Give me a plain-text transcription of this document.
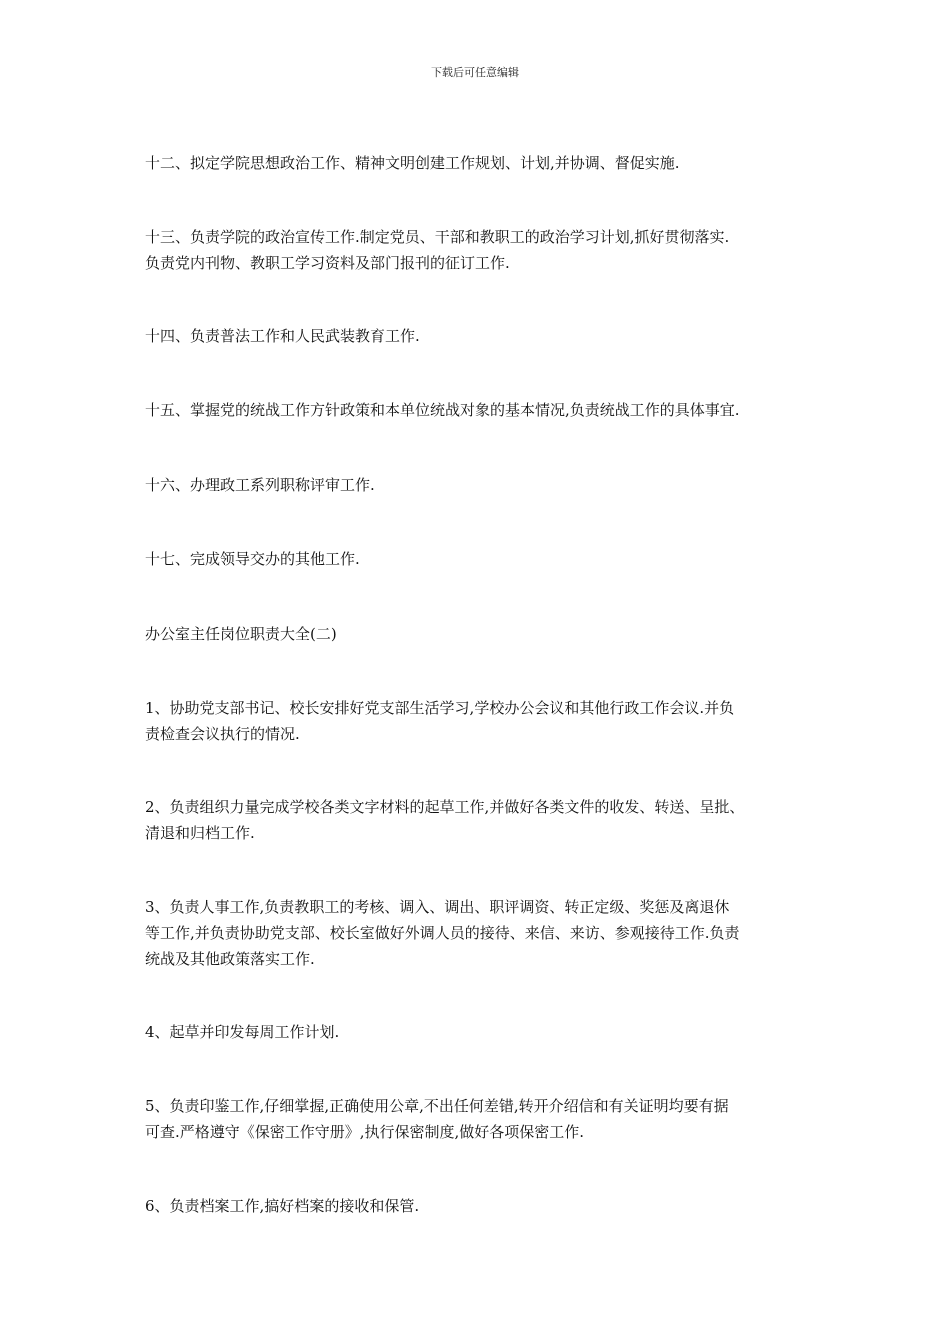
下载后可任意编辑

十二、拟定学院思想政治工作、精神文明创建工作规划、计划,并协调、督促实施.

十三、负责学院的政治宣传工作.制定党员、干部和教职工的政治学习计划,抓好贯彻落实.
负责党内刊物、教职工学习资料及部门报刊的征订工作.

十四、负责普法工作和人民武装教育工作.

十五、掌握党的统战工作方针政策和本单位统战对象的基本情况,负责统战工作的具体事宜.

十六、办理政工系列职称评审工作.

十七、完成领导交办的其他工作.

办公室主任岗位职责大全(二)

1、协助党支部书记、校长安排好党支部生活学习,学校办公会议和其他行政工作会议.并负
责检查会议执行的情况.

2、负责组织力量完成学校各类文字材料的起草工作,并做好各类文件的收发、转送、呈批、
清退和归档工作.

3、负责人事工作,负责教职工的考核、调入、调出、职评调资、转正定级、奖惩及离退休
等工作,并负责协助党支部、校长室做好外调人员的接待、来信、来访、参观接待工作.负责
统战及其他政策落实工作.

4、起草并印发每周工作计划.

5、负责印鉴工作,仔细掌握,正确使用公章,不出任何差错,转开介绍信和有关证明均要有据
可查.严格遵守《保密工作守册》,执行保密制度,做好各项保密工作.

6、负责档案工作,搞好档案的接收和保管.
